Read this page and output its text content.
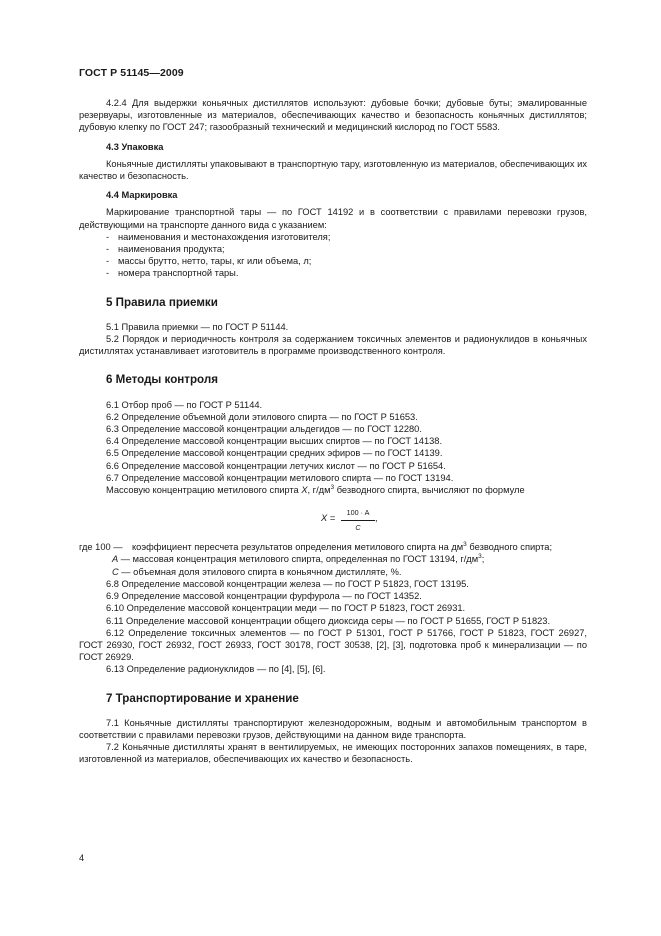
ГОСТ Р 51145—2009

4.2.4 Для выдержки коньячных дистиллятов используют: дубовые бочки; дубовые буты; эмалированные резервуары, изготовленные из материалов, обеспечивающих качество и безопасность коньячных дистиллятов; дубовую клепку по ГОСТ 247; газообразный технический и медицинский кислород по ГОСТ 5583.

4.3 Упаковка

Коньячные дистилляты упаковывают в транспортную тару, изготовленную из материалов, обеспечивающих их качество и безопасность.

4.4 Маркировка

Маркирование транспортной тары — по ГОСТ 14192 и в соответствии с правилами перевозки грузов, действующими на транспорте данного вида с указанием:

- наименования и местонахождения изготовителя;
- наименования продукта;
- массы брутто, нетто, тары, кг или объема, л;
- номера транспортной тары.
5 Правила приемки

5.1 Правила приемки — по ГОСТ Р 51144.

5.2 Порядок и периодичность контроля за содержанием токсичных элементов и радионуклидов в коньячных дистиллятах устанавливает изготовитель в программе производственного контроля.

6 Методы контроля

6.1 Отбор проб — по ГОСТ Р 51144.

6.2 Определение объемной доли этилового спирта — по ГОСТ Р 51653.

6.3 Определение массовой концентрации альдегидов — по ГОСТ 12280.

6.4 Определение массовой концентрации высших спиртов — по ГОСТ 14138.

6.5 Определение массовой концентрации средних эфиров — по ГОСТ 14139.

6.6 Определение массовой концентрации летучих кислот — по ГОСТ Р 51654.

6.7 Определение массовой концентрации метилового спирта — по ГОСТ 13194.

Массовую концентрацию метилового спирта X, $г/дм^3$ безводного спирта, вычисляют по формуле

$X = \frac{100 \cdot A}{C}$ ,
где 100 —	коэффициент пересчета результатов определения метилового спирта на $дм^3$ безводного спирта;

A — массовая концентрация метилового спирта, определенная по ГОСТ 13194, $г/дм^3$;

C — объемная доля этилового спирта в коньячном дистилляте, %.

6.8 Определение массовой концентрации железа — по ГОСТ Р 51823, ГОСТ 13195.

6.9 Определение массовой концентрации фурфурола — по ГОСТ 14352.

6.10 Определение массовой концентрации меди — по ГОСТ Р 51823, ГОСТ 26931.

6.11 Определение массовой концентрации общего диоксида серы — по ГОСТ Р 51655, ГОСТ Р 51823.

6.12 Определение токсичных элементов — по ГОСТ Р 51301, ГОСТ Р 51766, ГОСТ Р 51823, ГОСТ 26927, ГОСТ 26930, ГОСТ 26932, ГОСТ 26933, ГОСТ 30178, ГОСТ 30538, [2], [3], подготовка проб к минерализации — по ГОСТ 26929.

6.13 Определение радионуклидов — по [4], [5], [6].

7 Транспортирование и хранение

7.1 Коньячные дистилляты транспортируют железнодорожным, водным и автомобильным транспортом в соответствии с правилами перевозки грузов, действующими на данном виде транспорта.

7.2 Коньячные дистилляты хранят в вентилируемых, не имеющих посторонних запахов помещениях, в таре, изготовленной из материалов, обеспечивающих их качество и безопасность.

4
